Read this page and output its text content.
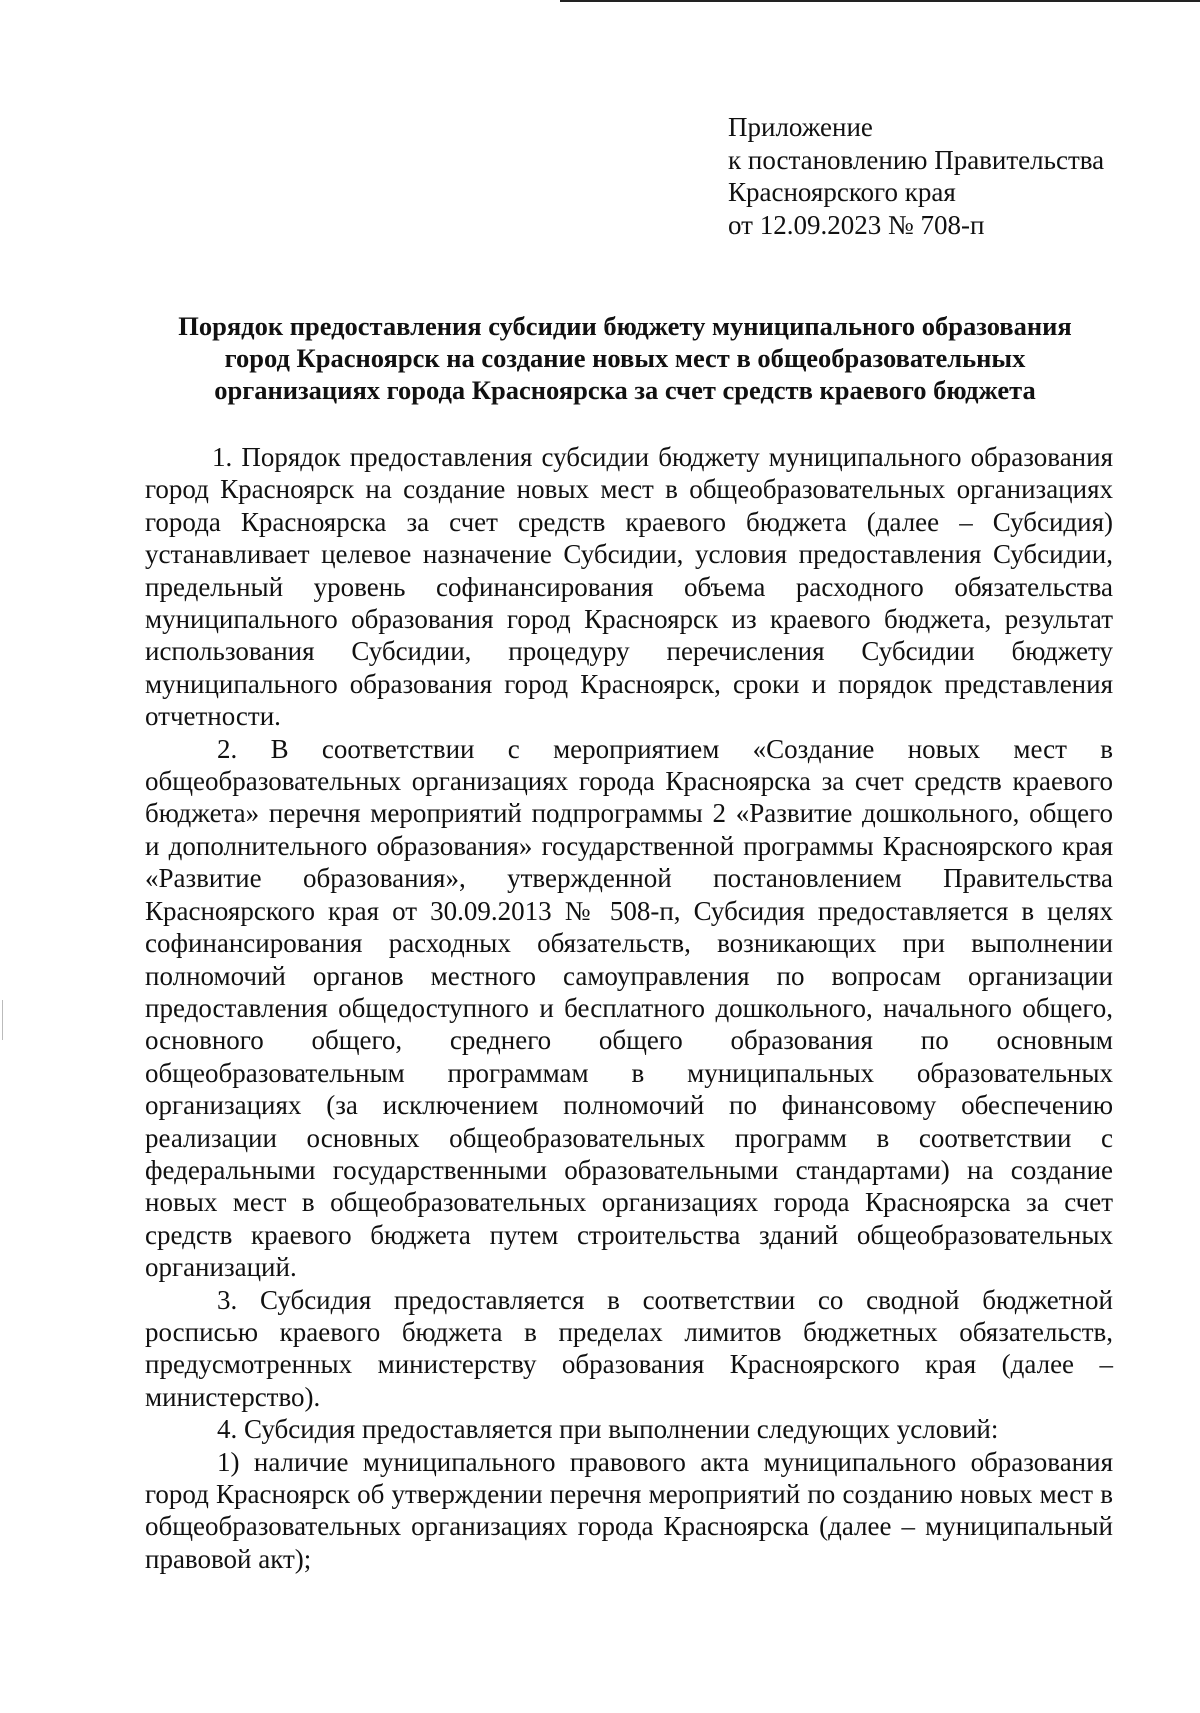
Приложение
к постановлению Правительства
Красноярского края
от 12.09.2023 № 708-п
Порядок предоставления субсидии бюджету муниципального образования
город Красноярск на создание новых мест в общеобразовательных
организациях города Красноярска за счет средств краевого бюджета

1. Порядок предоставления субсидии бюджету муниципального образования город Красноярск на создание новых мест в общеобразовательных организациях города Красноярска за счет средств краевого бюджета (далее – Субсидия) устанавливает целевое назначение Субсидии, условия предоставления Субсидии, предельный уровень софинансирования объема расходного обязательства муниципального образования город Красноярск из краевого бюджета, результат использования Субсидии, процедуру перечисления Субсидии бюджету муниципального образования город Красноярск, сроки и порядок представления отчетности.

2. В соответствии с мероприятием «Создание новых мест в общеобразовательных организациях города Красноярска за счет средств краевого бюджета» перечня мероприятий подпрограммы 2 «Развитие дошкольного, общего и дополнительного образования» государственной программы Красноярского края «Развитие образования», утвержденной постановлением Правительства Красноярского края от 30.09.2013 № 508-п, Субсидия предоставляется в целях софинансирования расходных обязательств, возникающих при выполнении полномочий органов местного самоуправления по вопросам организации предоставления общедоступного и бесплатного дошкольного, начального общего, основного общего, среднего общего образования по основным общеобразовательным программам в муниципальных образовательных организациях (за исключением полномочий по финансовому обеспечению реализации основных общеобразовательных программ в соответствии с федеральными государственными образовательными стандартами) на создание новых мест в общеобразовательных организациях города Красноярска за счет средств краевого бюджета путем строительства зданий общеобразовательных организаций.

3. Субсидия предоставляется в соответствии со сводной бюджетной росписью краевого бюджета в пределах лимитов бюджетных обязательств, предусмотренных министерству образования Красноярского края (далее – министерство).

4. Субсидия предоставляется при выполнении следующих условий:

1) наличие муниципального правового акта муниципального образования город Красноярск об утверждении перечня мероприятий по созданию новых мест в общеобразовательных организациях города Красноярска (далее – муниципальный правовой акт);
